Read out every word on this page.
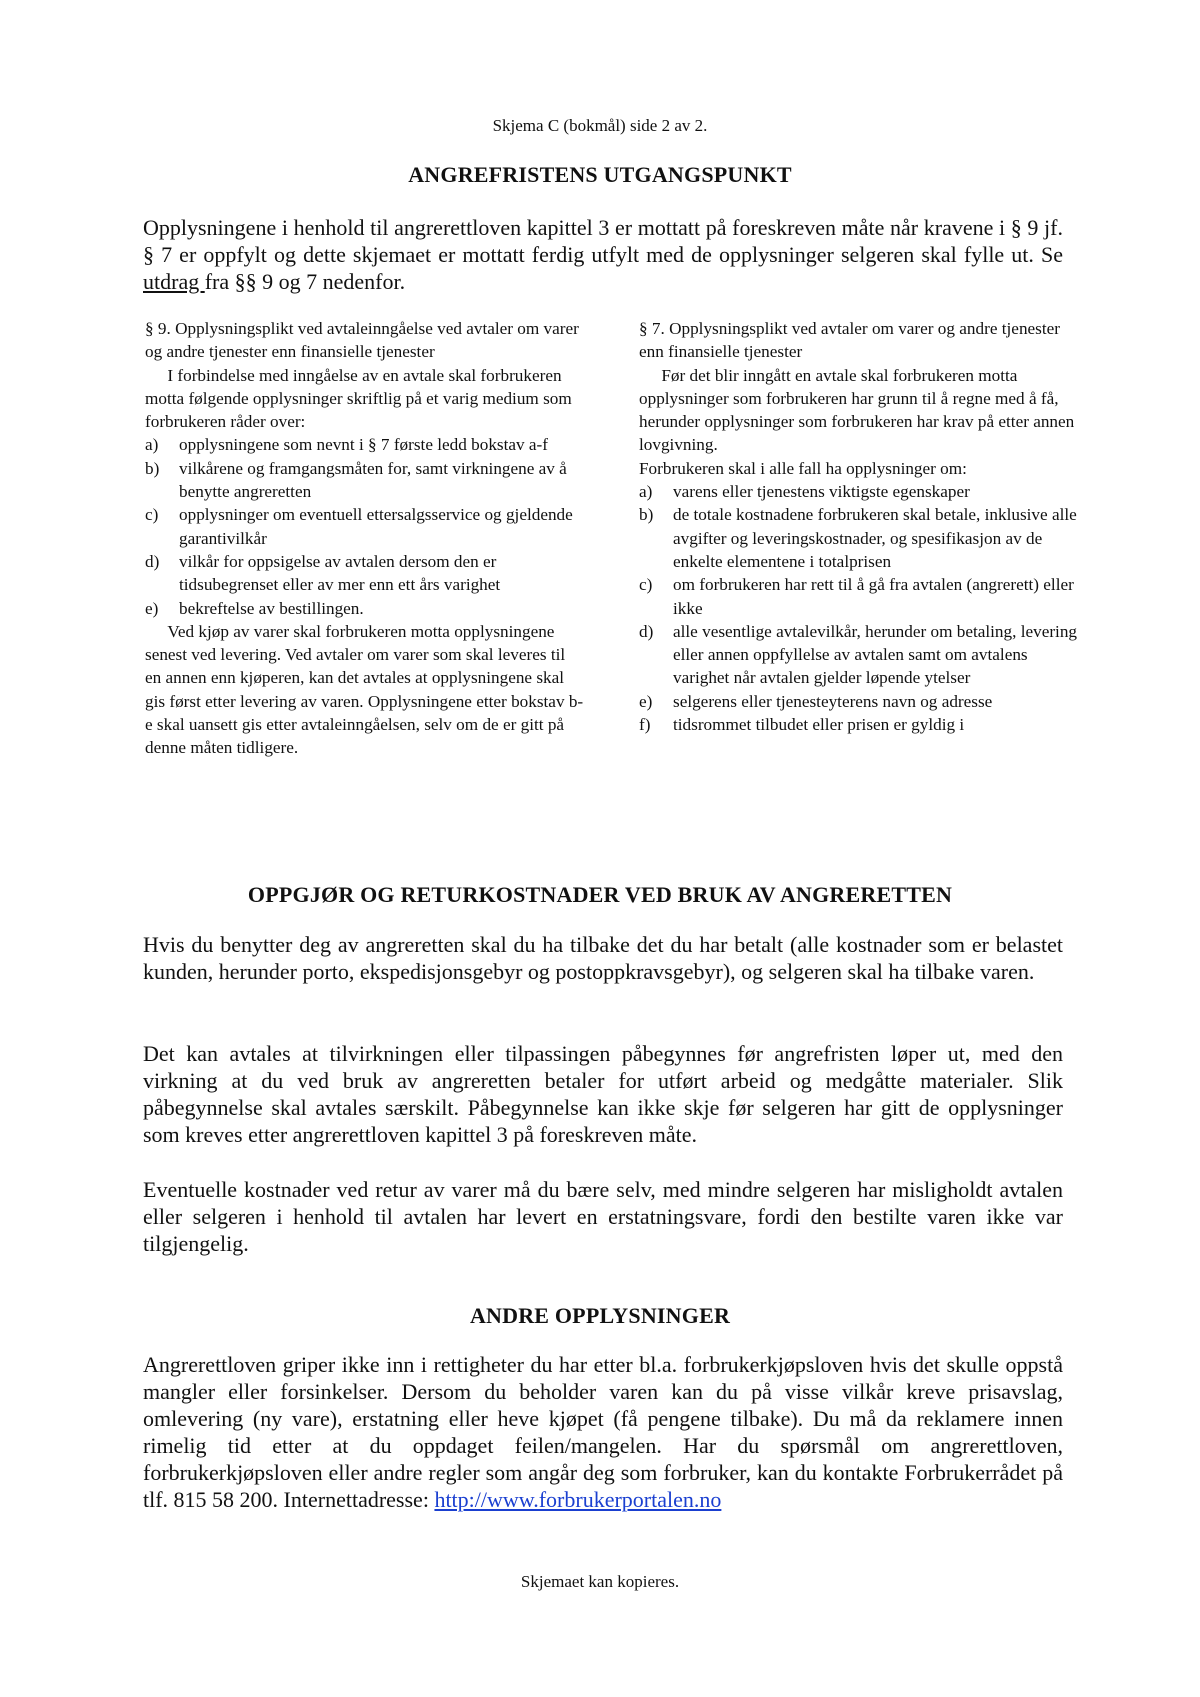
Skjema C (bokmål) side 2 av 2.
ANGREFRISTENS UTGANGSPUNKT
Opplysningene i henhold til angrerettloven kapittel 3 er mottatt på foreskreven måte når kravene i § 9 jf. § 7 er oppfylt og dette skjemaet er mottatt ferdig utfylt med de opplysninger selgeren skal fylle ut. Se utdrag fra §§ 9 og 7 nedenfor.

§ 9. Opplysningsplikt ved avtaleinngåelse ved avtaler om varer og andre tjenester enn finansielle tjenester

I forbindelse med inngåelse av en avtale skal forbrukeren motta følgende opplysninger skriftlig på et varig medium som forbrukeren råder over:

a)	opplysningene som nevnt i § 7 første ledd bokstav a-f
b)	vilkårene og framgangsmåten for, samt virkningene av å benytte angreretten
c)	opplysninger om eventuell ettersalgsservice og gjeldende garantivilkår
d)	vilkår for oppsigelse av avtalen dersom den er tidsubegrenset eller av mer enn ett års varighet
e)	bekreftelse av bestillingen.

Ved kjøp av varer skal forbrukeren motta opplysningene senest ved levering. Ved avtaler om varer som skal leveres til en annen enn kjøperen, kan det avtales at opplysningene skal gis først etter levering av varen. Opplysningene etter bokstav b-e skal uansett gis etter avtaleinngåelsen, selv om de er gitt på denne måten tidligere.

§ 7. Opplysningsplikt ved avtaler om varer og andre tjenester enn finansielle tjenester

Før det blir inngått en avtale skal forbrukeren motta opplysninger som forbrukeren har grunn til å regne med å få, herunder opplysninger som forbrukeren har krav på etter annen lovgivning.

Forbrukeren skal i alle fall ha opplysninger om:

a)	varens eller tjenestens viktigste egenskaper
b)	de totale kostnadene forbrukeren skal betale, inklusive alle avgifter og leveringskostnader, og spesifikasjon av de enkelte elementene i totalprisen
c)	om forbrukeren har rett til å gå fra avtalen (angrerett) eller ikke
d)	alle vesentlige avtalevilkår, herunder om betaling, levering eller annen oppfyllelse av avtalen samt om avtalens varighet når avtalen gjelder løpende ytelser
e)	selgerens eller tjenesteyterens navn og adresse
f)	tidsrommet tilbudet eller prisen er gyldig i
OPPGJØR OG RETURKOSTNADER VED BRUK AV ANGRERETTEN
Hvis du benytter deg av angreretten skal du ha tilbake det du har betalt (alle kostnader som er belastet kunden, herunder porto, ekspedisjonsgebyr og postoppkravsgebyr), og selgeren skal ha tilbake varen.
Det kan avtales at tilvirkningen eller tilpassingen påbegynnes før angrefristen løper ut, med den virkning at du ved bruk av angreretten betaler for utført arbeid og medgåtte materialer. Slik påbegynnelse skal avtales særskilt. Påbegynnelse kan ikke skje før selgeren har gitt de opplysninger som kreves etter angrerettloven kapittel 3 på foreskreven måte.
Eventuelle kostnader ved retur av varer må du bære selv, med mindre selgeren har misligholdt avtalen eller selgeren i henhold til avtalen har levert en erstatningsvare, fordi den bestilte varen ikke var tilgjengelig.
ANDRE OPPLYSNINGER
Angrerettloven griper ikke inn i rettigheter du har etter bl.a. forbrukerkjøpsloven hvis det skulle oppstå mangler eller forsinkelser. Dersom du beholder varen kan du på visse vilkår kreve prisavslag, omlevering (ny vare), erstatning eller heve kjøpet (få pengene tilbake). Du må da reklamere innen rimelig tid etter at du oppdaget feilen/mangelen. Har du spørsmål om angrerettloven, forbrukerkjøpsloven eller andre regler som angår deg som forbruker, kan du kontakte Forbrukerrådet på tlf. 815 58 200. Internettadresse: http://www.forbrukerportalen.no
Skjemaet kan kopieres.
